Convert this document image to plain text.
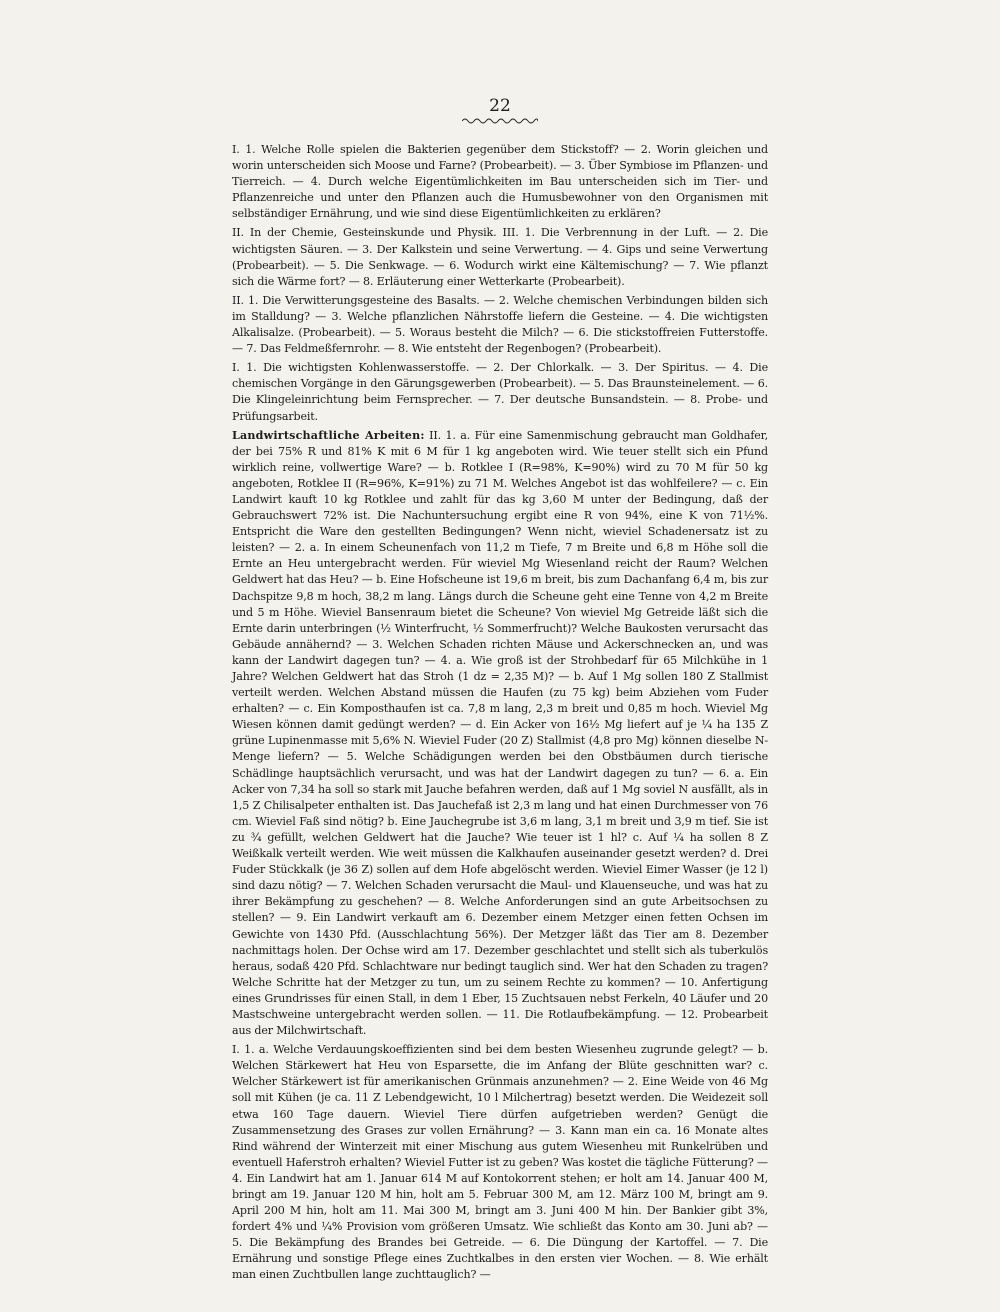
22

I. 1. Welche Rolle spielen die Bakterien gegenüber dem Stickstoff? — 2. Worin gleichen und worin unterscheiden sich Moose und Farne? (Probearbeit). — 3. Über Symbiose im Pflanzen- und Tierreich. — 4. Durch welche Eigentümlichkeiten im Bau unterscheiden sich im Tier- und Pflanzenreiche und unter den Pflanzen auch die Humusbewohner von den Organismen mit selbständiger Ernährung, und wie sind diese Eigentümlichkeiten zu erklären?

II. In der Chemie, Gesteinskunde und Physik. III. 1. Die Verbrennung in der Luft. — 2. Die wichtigsten Säuren. — 3. Der Kalkstein und seine Verwertung. — 4. Gips und seine Verwertung (Probearbeit). — 5. Die Senkwage. — 6. Wodurch wirkt eine Kältemischung? — 7. Wie pflanzt sich die Wärme fort? — 8. Erläuterung einer Wetterkarte (Probearbeit).

II. 1. Die Verwitterungsgesteine des Basalts. — 2. Welche chemischen Verbindungen bilden sich im Stalldung? — 3. Welche pflanzlichen Nährstoffe liefern die Gesteine. — 4. Die wichtigsten Alkalisalze. (Probearbeit). — 5. Woraus besteht die Milch? — 6. Die stickstoffreien Futterstoffe. — 7. Das Feldmeßfernrohr. — 8. Wie entsteht der Regenbogen? (Probearbeit).

I. 1. Die wichtigsten Kohlenwasserstoffe. — 2. Der Chlorkalk. — 3. Der Spiritus. — 4. Die chemischen Vorgänge in den Gärungsgewerben (Probearbeit). — 5. Das Braunsteinelement. — 6. Die Klingeleinrichtung beim Fernsprecher. — 7. Der deutsche Bunsandstein. — 8. Probe- und Prüfungsarbeit.

Landwirtschaftliche Arbeiten: II. 1. a. Für eine Samenmischung gebraucht man Goldhafer, der bei 75% R und 81% K mit 6 M für 1 kg angeboten wird. Wie teuer stellt sich ein Pfund wirklich reine, vollwertige Ware? — b. Rotklee I (R=98%, K=90%) wird zu 70 M für 50 kg angeboten, Rotklee II (R=96%, K=91%) zu 71 M. Welches Angebot ist das wohlfeilere? — c. Ein Landwirt kauft 10 kg Rotklee und zahlt für das kg 3,60 M unter der Bedingung, daß der Gebrauchswert 72% ist. Die Nachuntersuchung ergibt eine R von 94%, eine K von 71½%. Entspricht die Ware den gestellten Bedingungen? Wenn nicht, wieviel Schadenersatz ist zu leisten? — 2. a. In einem Scheunenfach von 11,2 m Tiefe, 7 m Breite und 6,8 m Höhe soll die Ernte an Heu untergebracht werden. Für wieviel Mg Wiesenland reicht der Raum? Welchen Geldwert hat das Heu? — b. Eine Hofscheune ist 19,6 m breit, bis zum Dachanfang 6,4 m, bis zur Dachspitze 9,8 m hoch, 38,2 m lang. Längs durch die Scheune geht eine Tenne von 4,2 m Breite und 5 m Höhe. Wieviel Bansenraum bietet die Scheune? Von wieviel Mg Getreide läßt sich die Ernte darin unterbringen (½ Winterfrucht, ½ Sommerfrucht)? Welche Baukosten verursacht das Gebäude annähernd? — 3. Welchen Schaden richten Mäuse und Ackerschnecken an, und was kann der Landwirt dagegen tun? — 4. a. Wie groß ist der Strohbedarf für 65 Milchkühe in 1 Jahre? Welchen Geldwert hat das Stroh (1 dz = 2,35 M)? — b. Auf 1 Mg sollen 180 Z Stallmist verteilt werden. Welchen Abstand müssen die Haufen (zu 75 kg) beim Abziehen vom Fuder erhalten? — c. Ein Komposthaufen ist ca. 7,8 m lang, 2,3 m breit und 0,85 m hoch. Wieviel Mg Wiesen können damit gedüngt werden? — d. Ein Acker von 16½ Mg liefert auf je ¼ ha 135 Z grüne Lupinenmasse mit 5,6% N. Wieviel Fuder (20 Z) Stallmist (4,8 pro Mg) können dieselbe N-Menge liefern? — 5. Welche Schädigungen werden bei den Obstbäumen durch tierische Schädlinge hauptsächlich verursacht, und was hat der Landwirt dagegen zu tun? — 6. a. Ein Acker von 7,34 ha soll so stark mit Jauche befahren werden, daß auf 1 Mg soviel N ausfällt, als in 1,5 Z Chilisalpeter enthalten ist. Das Jauchefaß ist 2,3 m lang und hat einen Durchmesser von 76 cm. Wieviel Faß sind nötig? b. Eine Jauchegrube ist 3,6 m lang, 3,1 m breit und 3,9 m tief. Sie ist zu ¾ gefüllt, welchen Geldwert hat die Jauche? Wie teuer ist 1 hl? c. Auf ¼ ha sollen 8 Z Weißkalk verteilt werden. Wie weit müssen die Kalkhaufen auseinander gesetzt werden? d. Drei Fuder Stückkalk (je 36 Z) sollen auf dem Hofe abgelöscht werden. Wieviel Eimer Wasser (je 12 l) sind dazu nötig? — 7. Welchen Schaden verursacht die Maul- und Klauenseuche, und was hat zu ihrer Bekämpfung zu geschehen? — 8. Welche Anforderungen sind an gute Arbeitsochsen zu stellen? — 9. Ein Landwirt verkauft am 6. Dezember einem Metzger einen fetten Ochsen im Gewichte von 1430 Pfd. (Ausschlachtung 56%). Der Metzger läßt das Tier am 8. Dezember nachmittags holen. Der Ochse wird am 17. Dezember geschlachtet und stellt sich als tuberkulös heraus, sodaß 420 Pfd. Schlachtware nur bedingt tauglich sind. Wer hat den Schaden zu tragen? Welche Schritte hat der Metzger zu tun, um zu seinem Rechte zu kommen? — 10. Anfertigung eines Grundrisses für einen Stall, in dem 1 Eber, 15 Zuchtsauen nebst Ferkeln, 40 Läufer und 20 Mastschweine untergebracht werden sollen. — 11. Die Rotlaufbekämpfung. — 12. Probearbeit aus der Milchwirtschaft.

I. 1. a. Welche Verdauungskoeffizienten sind bei dem besten Wiesenheu zugrunde gelegt? — b. Welchen Stärkewert hat Heu von Esparsette, die im Anfang der Blüte geschnitten war? c. Welcher Stärkewert ist für amerikanischen Grünmais anzunehmen? — 2. Eine Weide von 46 Mg soll mit Kühen (je ca. 11 Z Lebendgewicht, 10 l Milchertrag) besetzt werden. Die Weidezeit soll etwa 160 Tage dauern. Wieviel Tiere dürfen aufgetrieben werden? Genügt die Zusammensetzung des Grases zur vollen Ernährung? — 3. Kann man ein ca. 16 Monate altes Rind während der Winterzeit mit einer Mischung aus gutem Wiesenheu mit Runkelrüben und eventuell Haferstroh erhalten? Wieviel Futter ist zu geben? Was kostet die tägliche Fütterung? — 4. Ein Landwirt hat am 1. Januar 614 M auf Kontokorrent stehen; er holt am 14. Januar 400 M, bringt am 19. Januar 120 M hin, holt am 5. Februar 300 M, am 12. März 100 M, bringt am 9. April 200 M hin, holt am 11. Mai 300 M, bringt am 3. Juni 400 M hin. Der Bankier gibt 3%, fordert 4% und ¼% Provision vom größeren Umsatz. Wie schließt das Konto am 30. Juni ab? — 5. Die Bekämpfung des Brandes bei Getreide. — 6. Die Düngung der Kartoffel. — 7. Die Ernährung und sonstige Pflege eines Zuchtkalbes in den ersten vier Wochen. — 8. Wie erhält man einen Zuchtbullen lange zuchttauglich? —
